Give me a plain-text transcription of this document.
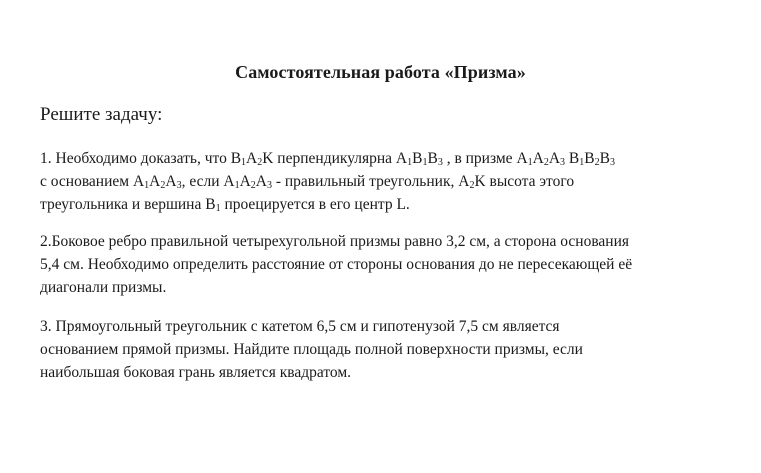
Самостоятельная работа «Призма»
Решите задачу:
1. Необходимо доказать, что $B_1A_2K$ перпендикулярна $A_1B_1B_3$ , в призме $A_1A_2A_3$ $B_1B_2B_3$
с основанием $A_1A_2A_3$, если $A_1A_2A_3$ - правильный треугольник, $A_2K$ высота этого
треугольника и вершина $B_1$ проецируется в его центр L.
2.Боковое ребро правильной четырехугольной призмы равно 3,2 см, а сторона основания
5,4 см. Необходимо определить расстояние от стороны основания до не пересекающей её
диагонали призмы.
3. Прямоугольный треугольник с катетом 6,5 см и гипотенузой 7,5 см является
основанием прямой призмы. Найдите площадь полной поверхности призмы, если
наибольшая боковая грань является квадратом.
